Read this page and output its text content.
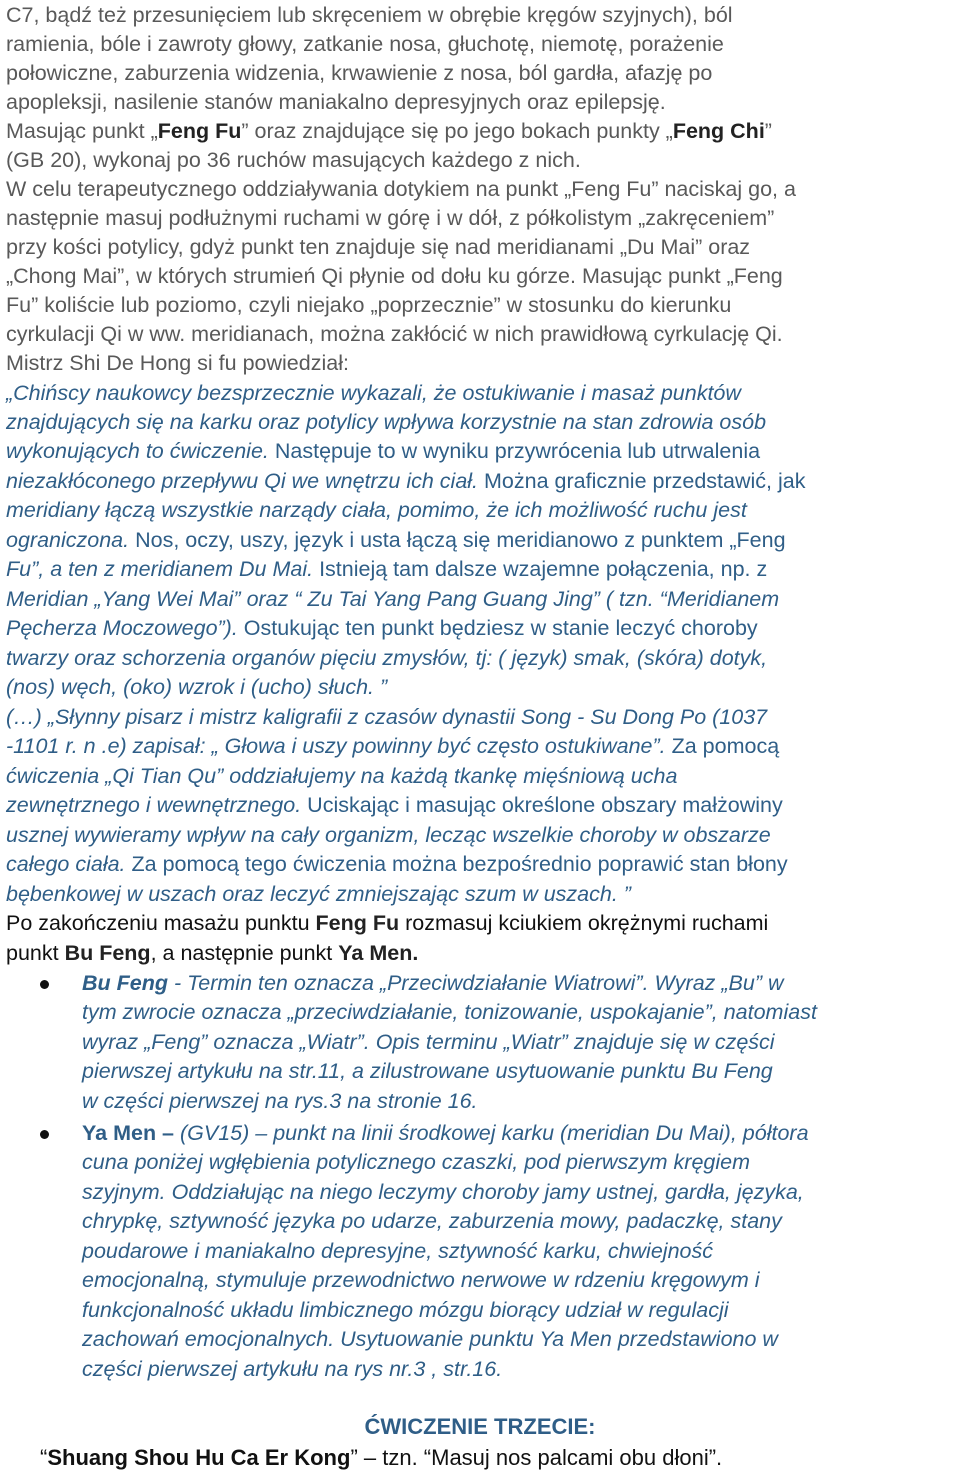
C7, bądź też przesunięciem lub skręceniem w obrębie kręgów szyjnych), ból
ramienia, bóle i zawroty głowy, zatkanie nosa, głuchotę, niemotę, porażenie
połowiczne, zaburzenia widzenia, krwawienie z nosa, ból gardła, afazję po
apopleksji, nasilenie stanów maniakalno depresyjnych oraz epilepsję.
Masując punkt „Feng Fu” oraz znajdujące się po jego bokach punkty „Feng Chi”
(GB 20), wykonaj po 36 ruchów masujących każdego z nich.
W celu terapeutycznego oddziaływania dotykiem na punkt „Feng Fu” naciskaj go, a
następnie masuj podłużnymi ruchami w górę i w dół, z półkolistym „zakręceniem”
przy kości potylicy, gdyż punkt ten znajduje się nad meridianami „Du Mai” oraz
„Chong Mai”, w których strumień Qi płynie od dołu ku górze. Masując punkt „Feng
Fu” koliście lub poziomo, czyli niejako „poprzecznie” w stosunku do kierunku
cyrkulacji Qi w ww. meridianach, można zakłócić w nich prawidłową cyrkulację Qi.
Mistrz Shi De Hong si fu powiedział:
„Chińscy naukowcy bezsprzecznie wykazali, że ostukiwanie i masaż punktów
znajdujących się na karku oraz potylicy wpływa korzystnie na stan zdrowia osób
wykonujących to ćwiczenie. Następuje to w wyniku przywrócenia lub utrwalenia
niezakłóconego przepływu Qi we wnętrzu ich ciał. Można graficznie przedstawić, jak
meridiany łączą wszystkie narządy ciała, pomimo, że ich możliwość ruchu jest
ograniczona. Nos, oczy, uszy, język i usta łączą się meridianowo z punktem „Feng
Fu”, a ten z meridianem Du Mai. Istnieją tam dalsze wzajemne połączenia, np. z
Meridian „Yang Wei Mai” oraz “ Zu Tai Yang Pang Guang Jing” ( tzn. “Meridianem
Pęcherza Moczowego”). Ostukując ten punkt będziesz w stanie leczyć choroby
twarzy oraz schorzenia organów pięciu zmysłów, tj: ( język) smak, (skóra) dotyk,
(nos) węch, (oko) wzrok i (ucho) słuch. ”
(…) „Słynny pisarz i mistrz kaligrafii z czasów dynastii Song - Su Dong Po (1037
-1101 r. n .e) zapisał: „ Głowa i uszy powinny być często ostukiwane”. Za pomocą
ćwiczenia „Qi Tian Qu” oddziałujemy na każdą tkankę mięśniową ucha
zewnętrznego i wewnętrznego. Uciskając i masując określone obszary małżowiny
usznej wywieramy wpływ na cały organizm, lecząc wszelkie choroby w obszarze
całego ciała. Za pomocą tego ćwiczenia można bezpośrednio poprawić stan błony
bębenkowej w uszach oraz leczyć zmniejszając szum w uszach. ”
Po zakończeniu masażu punktu Feng Fu rozmasuj kciukiem okrężnymi ruchami
punkt Bu Feng, a następnie punkt Ya Men.
Bu Feng - Termin ten oznacza „Przeciwdziałanie Wiatrowi”. Wyraz „Bu” w
tym zwrocie oznacza „przeciwdziałanie, tonizowanie, uspokajanie”, natomiast
wyraz „Feng” oznacza „Wiatr”. Opis terminu „Wiatr” znajduje się w części
pierwszej artykułu na str.11, a zilustrowane usytuowanie punktu Bu Feng
w części pierwszej na rys.3 na stronie 16.
Ya Men – (GV15) – punkt na linii środkowej karku (meridian Du Mai), półtora
cuna poniżej wgłębienia potylicznego czaszki, pod pierwszym kręgiem
szyjnym. Oddziałując na niego leczymy choroby jamy ustnej, gardła, języka,
chrypkę, sztywność języka po udarze, zaburzenia mowy, padaczkę, stany
poudarowe i maniakalno depresyjne, sztywność karku, chwiejność
emocjonalną, stymuluje przewodnictwo nerwowe w rdzeniu kręgowym i
funkcjonalność układu limbicznego mózgu biorący udział w regulacji
zachowań emocjonalnych. Usytuowanie punktu Ya Men przedstawiono w
części pierwszej artykułu na rys nr.3 , str.16.
ĆWICZENIE TRZECIE:
“Shuang Shou Hu Ca Er Kong” – tzn. “Masuj nos palcami obu dłoni”.
